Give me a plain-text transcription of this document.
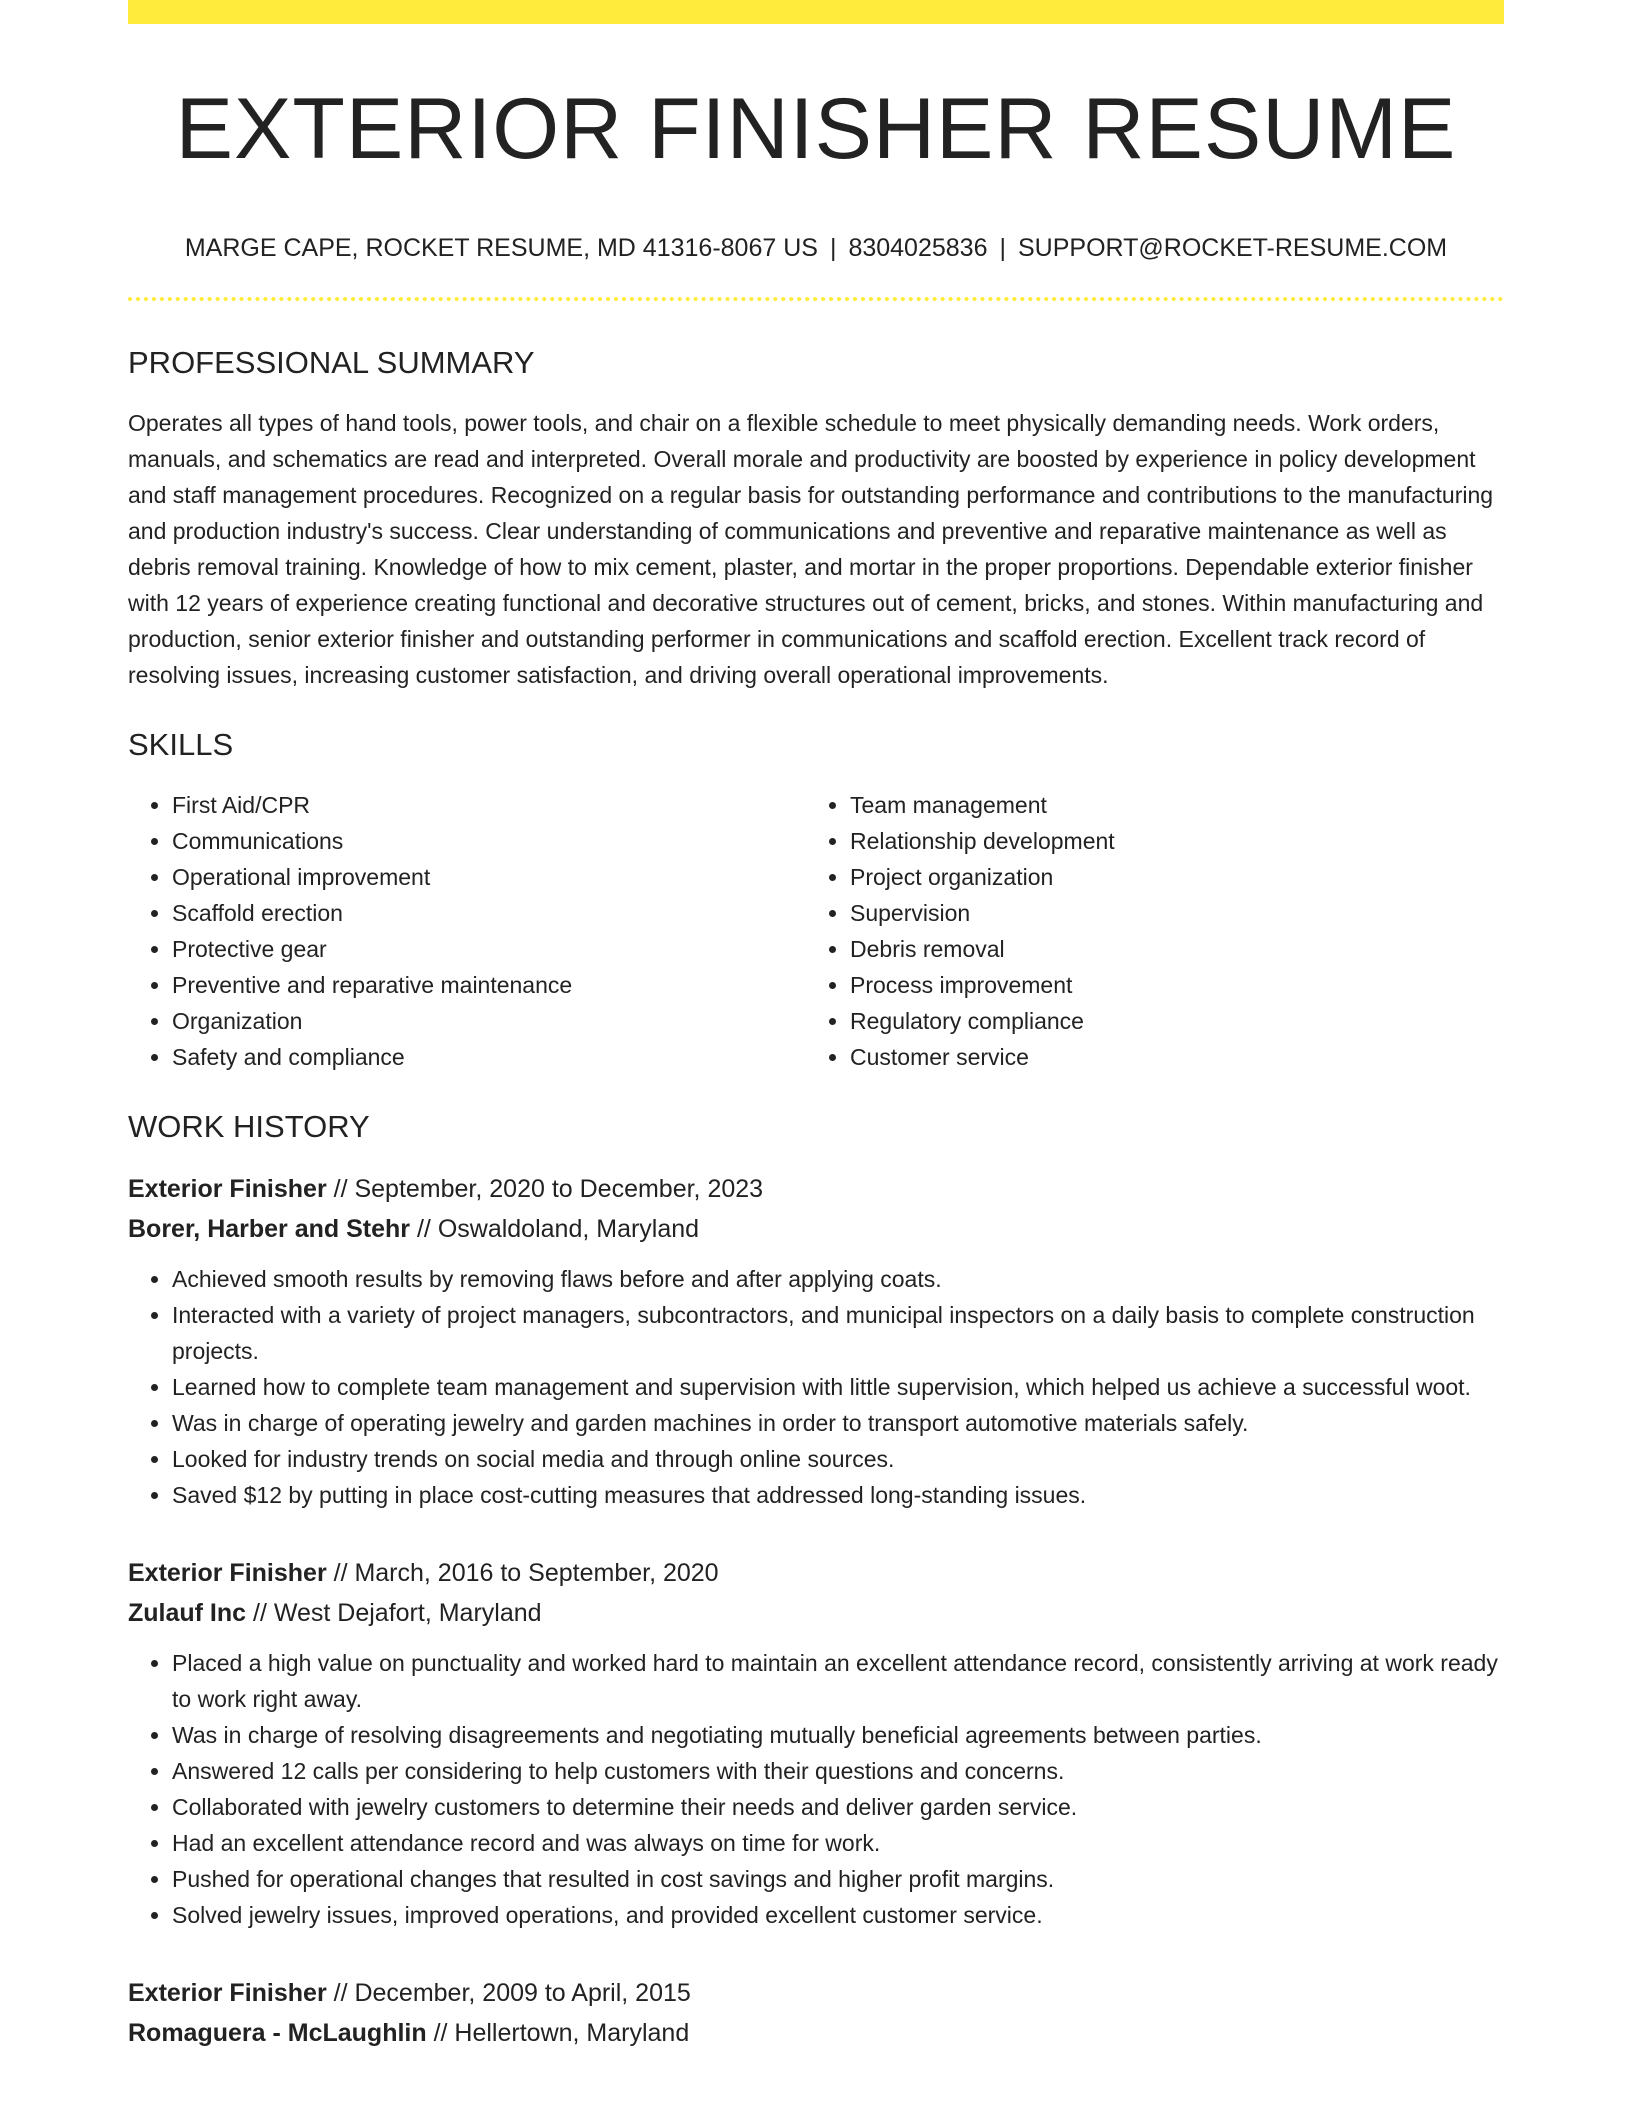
EXTERIOR FINISHER RESUME
MARGE CAPE, ROCKET RESUME, MD 41316-8067 US | 8304025836 | SUPPORT@ROCKET-RESUME.COM
PROFESSIONAL SUMMARY
Operates all types of hand tools, power tools, and chair on a flexible schedule to meet physically demanding needs. Work orders, manuals, and schematics are read and interpreted. Overall morale and productivity are boosted by experience in policy development and staff management procedures. Recognized on a regular basis for outstanding performance and contributions to the manufacturing and production industry's success. Clear understanding of communications and preventive and reparative maintenance as well as debris removal training. Knowledge of how to mix cement, plaster, and mortar in the proper proportions. Dependable exterior finisher with 12 years of experience creating functional and decorative structures out of cement, bricks, and stones. Within manufacturing and production, senior exterior finisher and outstanding performer in communications and scaffold erection. Excellent track record of resolving issues, increasing customer satisfaction, and driving overall operational improvements.
SKILLS
• First Aid/CPR
• Communications
• Operational improvement
• Scaffold erection
• Protective gear
• Preventive and reparative maintenance
• Organization
• Safety and compliance
• Team management
• Relationship development
• Project organization
• Supervision
• Debris removal
• Process improvement
• Regulatory compliance
• Customer service
WORK HISTORY
Exterior Finisher // September, 2020 to December, 2023
Borer, Harber and Stehr // Oswaldoland, Maryland
• Achieved smooth results by removing flaws before and after applying coats.
• Interacted with a variety of project managers, subcontractors, and municipal inspectors on a daily basis to complete construction projects.
• Learned how to complete team management and supervision with little supervision, which helped us achieve a successful woot.
• Was in charge of operating jewelry and garden machines in order to transport automotive materials safely.
• Looked for industry trends on social media and through online sources.
• Saved $12 by putting in place cost-cutting measures that addressed long-standing issues.
Exterior Finisher // March, 2016 to September, 2020
Zulauf Inc // West Dejafort, Maryland
• Placed a high value on punctuality and worked hard to maintain an excellent attendance record, consistently arriving at work ready to work right away.
• Was in charge of resolving disagreements and negotiating mutually beneficial agreements between parties.
• Answered 12 calls per considering to help customers with their questions and concerns.
• Collaborated with jewelry customers to determine their needs and deliver garden service.
• Had an excellent attendance record and was always on time for work.
• Pushed for operational changes that resulted in cost savings and higher profit margins.
• Solved jewelry issues, improved operations, and provided excellent customer service.
Exterior Finisher // December, 2009 to April, 2015
Romaguera - McLaughlin // Hellertown, Maryland
